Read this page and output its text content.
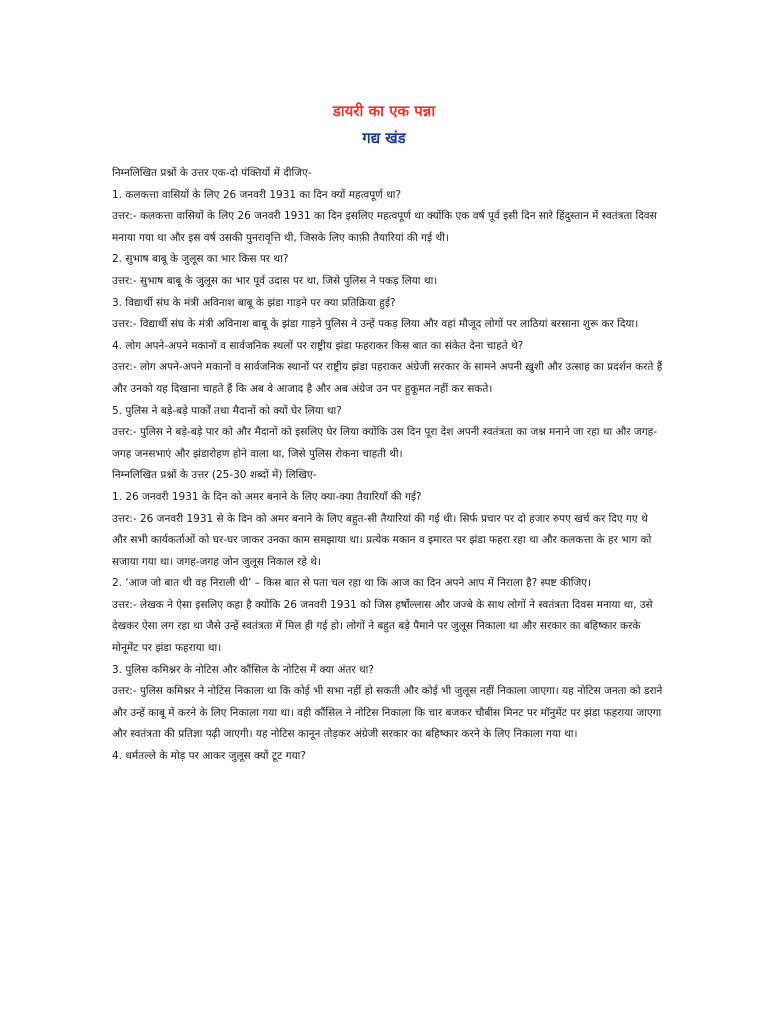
डायरी का एक पन्ना
गद्य खंड

निम्नलिखित प्रश्नों के उत्तर एक-दो पंक्तियों में दीजिए-

1. कलकत्ता वासियों के लिए 26 जनवरी 1931 का दिन क्यों महत्वपूर्ण था?

उत्तर:- कलकत्ता वासियों के लिए 26 जनवरी 1931 का दिन इसलिए महत्वपूर्ण था क्योंकि एक वर्ष पूर्व इसी दिन सारे हिंदुस्तान में स्वतंत्रता दिवस मनाया गया था और इस वर्ष उसकी पुनरावृत्ति थी, जिसके लिए काफ़ी तैयारियां की गई थी।

2. सुभाष बाबू के जुलूस का भार किस पर था?

उत्तर:- सुभाष बाबू के जुलूस का भार पूर्व उदास पर था, जिसे पुलिस ने पकड़ लिया था।

3. विद्यार्थी संघ के मंत्री अविनाश बाबू के झंडा गाड़ने पर क्या प्रतिक्रिया हुई?

उत्तर:- विद्यार्थी संघ के मंत्री अविनाश बाबू के झंडा गाड़ने पुलिस ने उन्हें पकड़ लिया और वहां मौजूद लोगों पर लाठियां बरसाना शुरू कर दिया।

4. लोग अपने-अपने मकानों व सार्वजनिक स्थलों पर राष्ट्रीय झंडा फहराकर किस बात का संकेत देना चाहते थे?

उत्तर:- लोग अपने-अपने मकानों व सार्वजनिक स्थानों पर राष्ट्रीय झंडा पहराकर अंग्रेजी सरकार के सामने अपनी ख़ुशी और उत्साह का प्रदर्शन करते हैं और उनको यह दिखाना चाहते हैं कि अब वे आजाद है और अब अंग्रेज उन पर हुकूमत नहीं कर सकते।

5. पुलिस ने बड़े-बड़े पार्कों तथा मैदानों को क्यों घेर लिया था?

उत्तर:- पुलिस ने बड़े-बड़े पार को और मैदानों को इसलिए घेर लिया क्योंकि उस दिन पूरा देश अपनी स्वतंत्रता का जश्न मनाने जा रहा था और जगह-जगह जनसभाएं और झंडारोहण होने वाला था, जिसे पुलिस रोकना चाहती थी।

निम्नलिखित प्रश्नों के उत्तर (25-30 शब्दों में) लिखिए-

1. 26 जनवरी 1931 के दिन को अमर बनाने के लिए क्या-क्या तैयारियाँ की गई?

उत्तर:- 26 जनवरी 1931 से के दिन को अमर बनाने के लिए बहुत-सी तैयारियां की गई थी। सिर्फ प्रचार पर दो हजार रुपए खर्च कर दिए गए थे और सभी कार्यकर्ताओं को घर-घर जाकर उनका काम समझाया था। प्रत्येक मकान व इमारत पर झंडा फहरा रहा था और कलकत्ता के हर भाग को सजाया गया था। जगह-जगह जोन जुलूस निकाल रहे थे।

2. ‘आज जो बात थी वह निराली थी’ – किस बात से पता चल रहा था कि आज का दिन अपने आप में निराला है? स्पष्ट कीजिए।

उत्तर:- लेखक ने ऐसा इसलिए कहा है क्योंकि 26 जनवरी 1931 को जिस हर्षोल्लास और जज्बे के साथ लोगों ने स्वतंत्रता दिवस मनाया था, उसे देखकर ऐसा लग रहा था जैसे उन्हें स्वतंत्रता में मिल ही गई हो। लोगों ने बहुत बड़े पैमाने पर जुलूस निकाला था और सरकार का बहिष्कार करके मोनूमेंट पर झंडा फहराया था।

3. पुलिस कमिश्नर के नोटिस और कौंसिल के नोटिस में क्या अंतर था?

उत्तर:- पुलिस कमिश्नर ने नोटिस निकाला था कि कोई भी सभा नहीं हो सकती और कोई भी जुलूस नहीं निकाला जाएगा। यह नोटिस जनता को डराने और उन्हें काबू में करने के लिए निकाला गया था। वही कौंसिल ने नोटिस निकाला कि चार बजकर चौबीस मिनट पर मॉनुमेंट पर झंडा फहराया जाएगा और स्वतंत्रता की प्रतिज्ञा पढ़ी जाएगी। यह नोटिस कानून तोड़कर अंग्रेजी सरकार का बहिष्कार करने के लिए निकाला गया था।

4. धर्मतल्ले के मोड़ पर आकर जुलूस क्यों टूट गया?
